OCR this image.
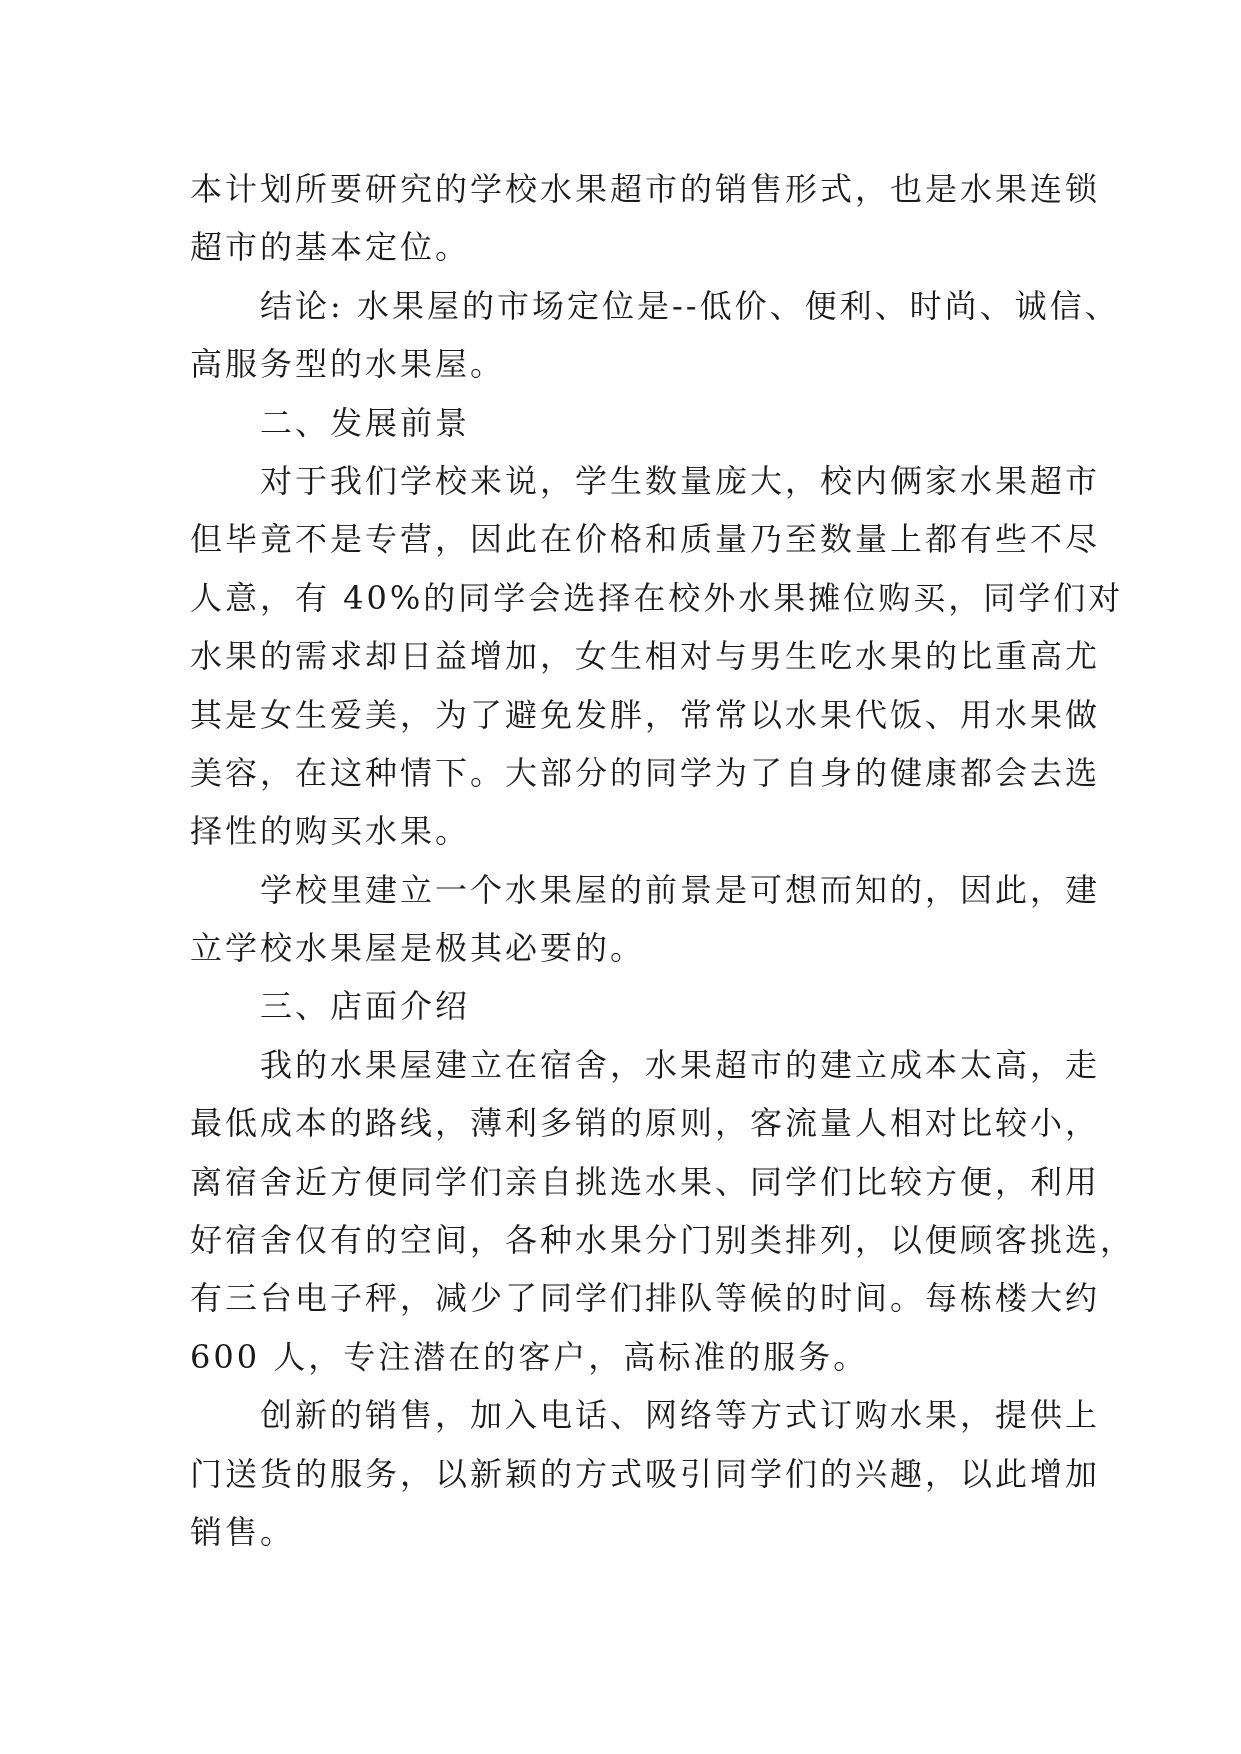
本计划所要研究的学校水果超市的销售形式，也是水果连锁
超市的基本定位。
结论: 水果屋的市场定位是--低价、便利、时尚、诚信、
高服务型的水果屋。
二、发展前景
对于我们学校来说，学生数量庞大，校内俩家水果超市
但毕竟不是专营，因此在价格和质量乃至数量上都有些不尽
人意，有 40%的同学会选择在校外水果摊位购买，同学们对
水果的需求却日益增加，女生相对与男生吃水果的比重高尤
其是女生爱美，为了避免发胖，常常以水果代饭、用水果做
美容，在这种情下。大部分的同学为了自身的健康都会去选
择性的购买水果。
学校里建立一个水果屋的前景是可想而知的，因此，建
立学校水果屋是极其必要的。
三、店面介绍
我的水果屋建立在宿舍，水果超市的建立成本太高，走
最低成本的路线，薄利多销的原则，客流量人相对比较小，
离宿舍近方便同学们亲自挑选水果、同学们比较方便，利用
好宿舍仅有的空间，各种水果分门别类排列，以便顾客挑选，
有三台电子秤，减少了同学们排队等候的时间。每栋楼大约
600 人，专注潜在的客户，高标准的服务。
创新的销售，加入电话、网络等方式订购水果，提供上
门送货的服务，以新颖的方式吸引同学们的兴趣，以此增加
销售。
